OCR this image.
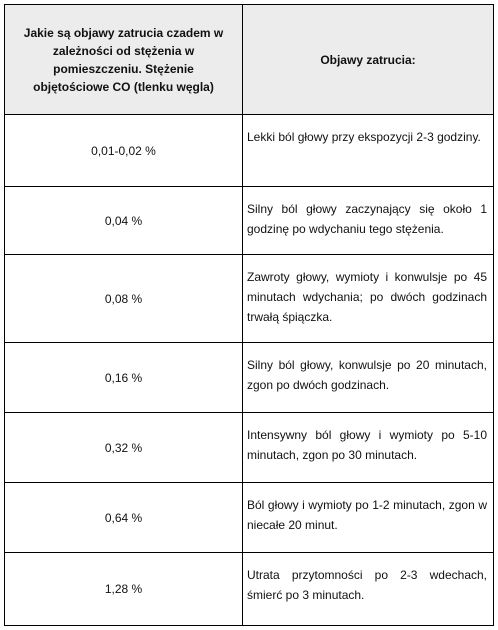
Jakie są objawy zatrucia czadem w zależności od stężenia w pomieszczeniu. Stężenie objętościowe CO (tlenku węgla)
Objawy zatrucia:
0,01-0,02 %
Lekki ból głowy przy ekspozycji 2-3 godziny.
0,04 %
Silny ból głowy zaczynający się około 1 godzinę po wdychaniu tego stężenia.
0,08 %
Zawroty głowy, wymioty i konwulsje po 45 minutach wdychania; po dwóch godzinach trwałą śpiączka.
0,16 %
Silny ból głowy, konwulsje po 20 minutach, zgon po dwóch godzinach.
0,32 %
Intensywny ból głowy i wymioty po 5-10 minutach, zgon po 30 minutach.
0,64 %
Ból głowy i wymioty po 1-2 minutach, zgon w niecałe 20 minut.
1,28 %
Utrata przytomności po 2-3 wdechach, śmierć po 3 minutach.
